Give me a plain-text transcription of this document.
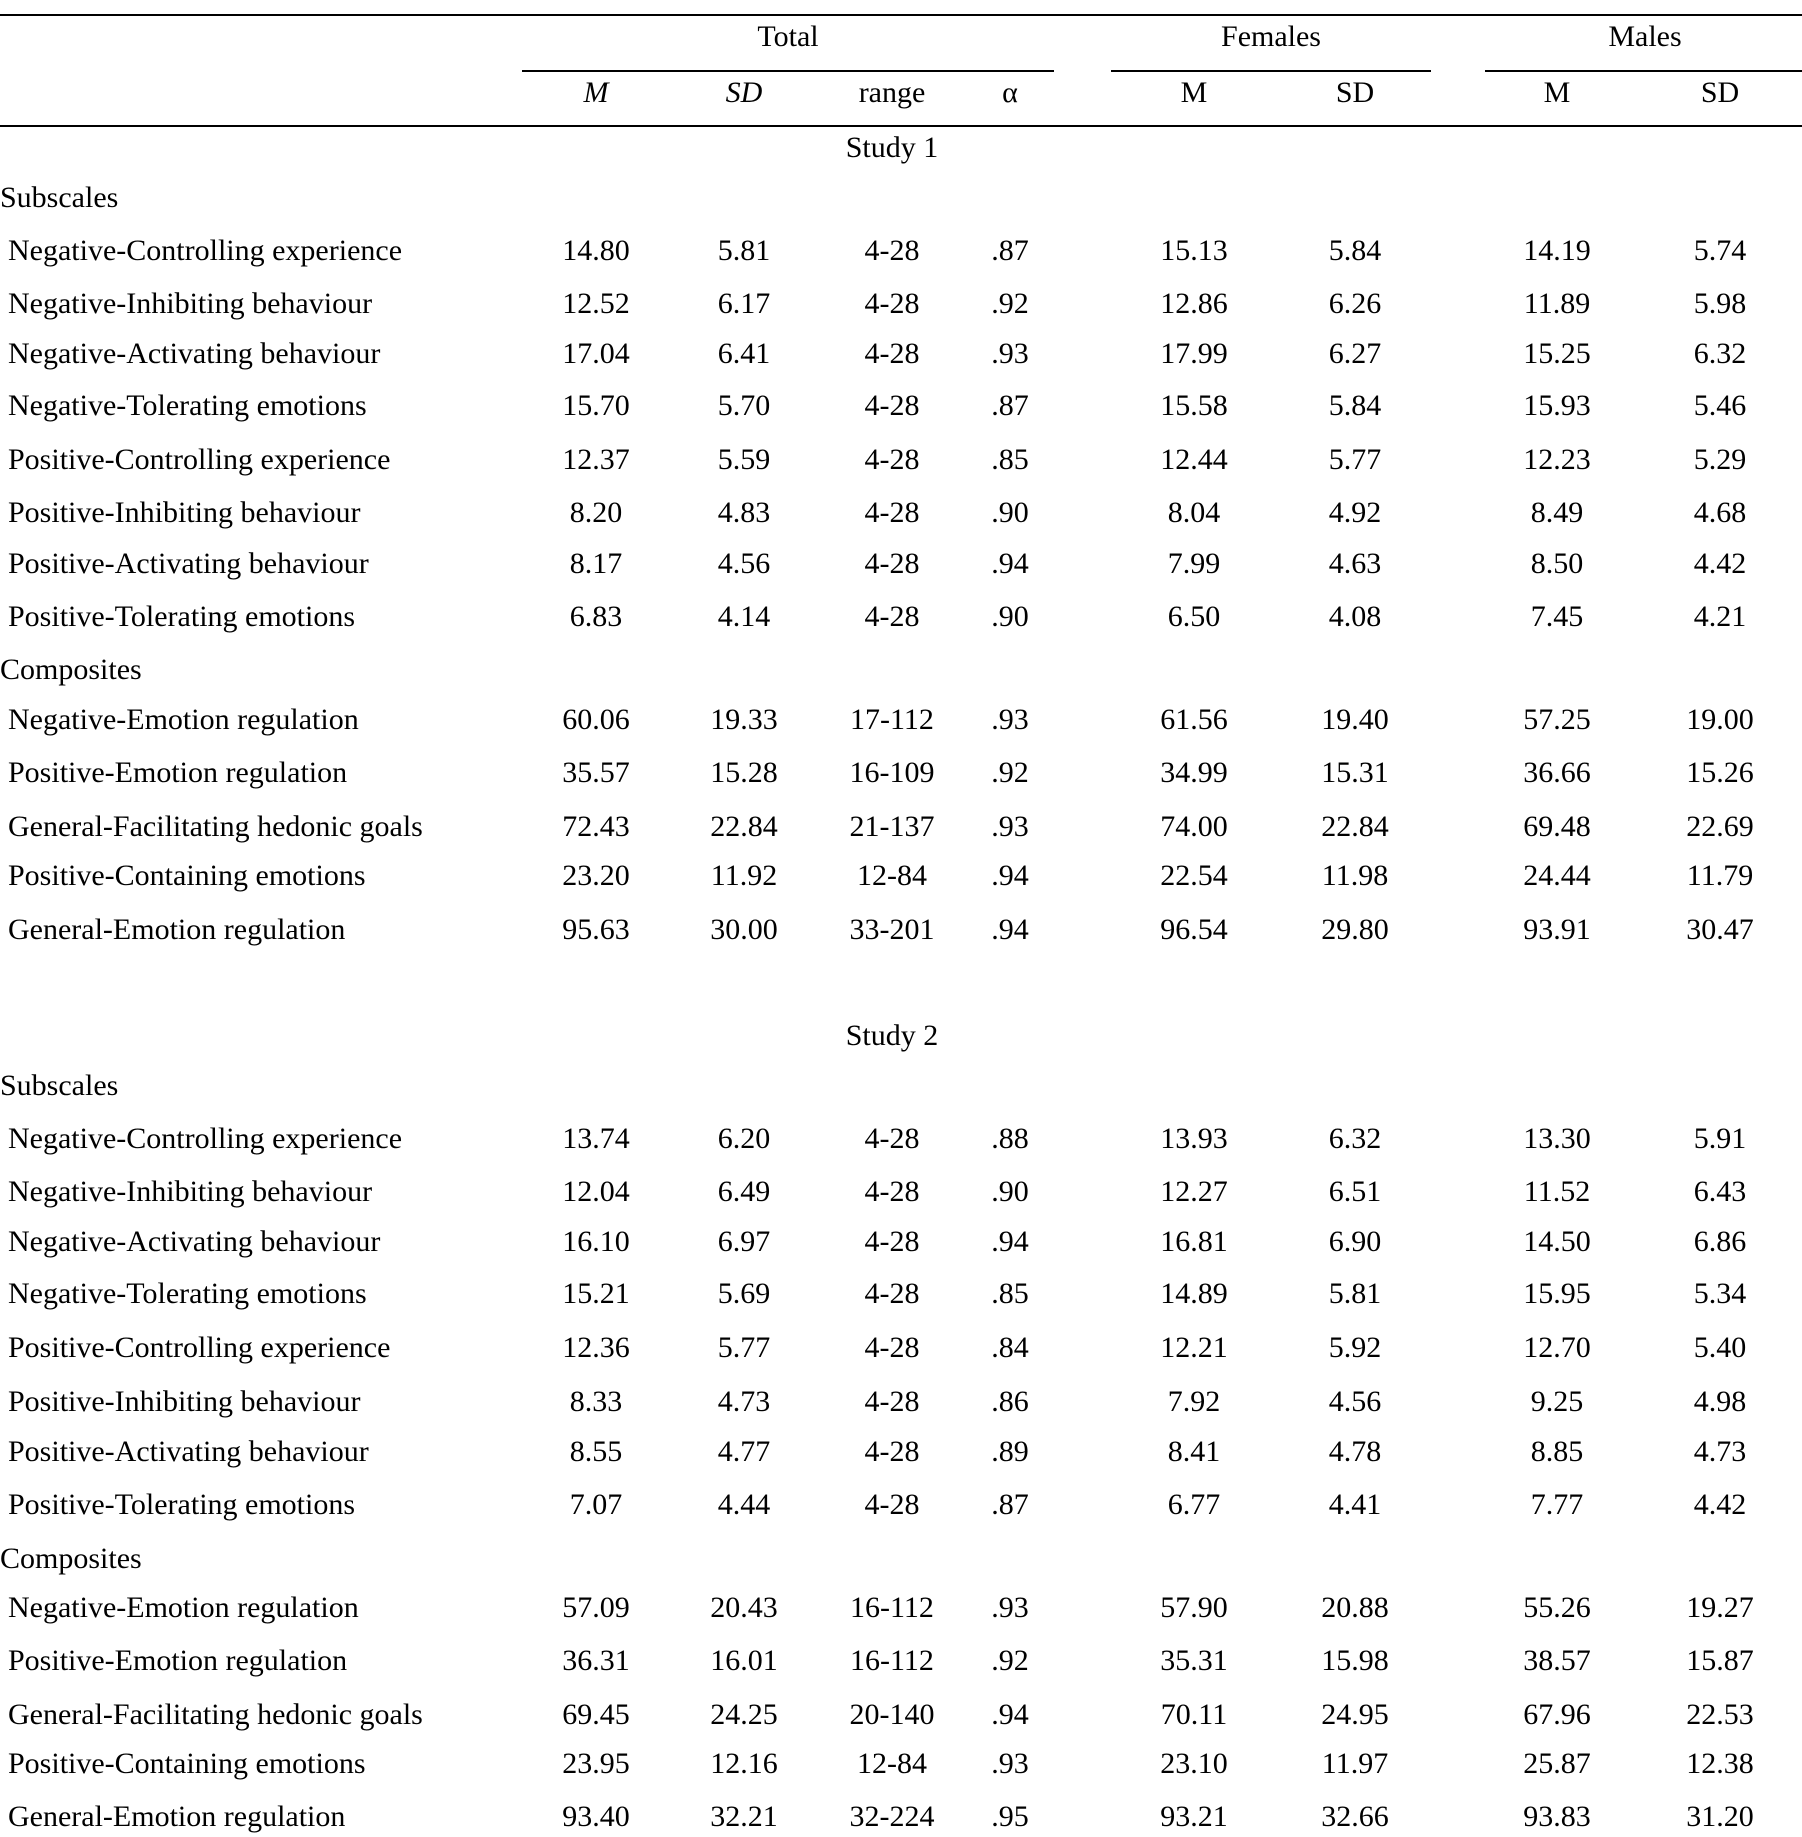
Total	Females	Males
M	SD	range	α	M	SD	M	SD
Study 1
Subscales
Negative-Controlling experience	14.80	5.81	4-28 .87	15.13	5.84	14.19	5.74
Negative-Inhibiting behaviour	12.52	6.17	4-28 .92	12.86	6.26	11.89	5.98
Negative-Activating behaviour	17.04	6.41	4-28 .93	17.99	6.27	15.25	6.32
Negative-Tolerating emotions	15.70	5.70	4-28 .87	15.58	5.84	15.93	5.46
Positive-Controlling experience	12.37	5.59	4-28 .85	12.44	5.77	12.23	5.29
Positive-Inhibiting behaviour	8.20	4.83	4-28 .90	8.04	4.92	8.49	4.68
Positive-Activating behaviour	8.17	4.56	4-28 .94	7.99	4.63	8.50	4.42
Positive-Tolerating emotions	6.83	4.14	4-28 .90	6.50	4.08	7.45	4.21
Composites
Negative-Emotion regulation	60.06	19.33 17-112 .93	61.56	19.40	57.25	19.00
Positive-Emotion regulation	35.57	15.28 16-109 .92	34.99	15.31	36.66	15.26
General-Facilitating hedonic goals	72.43	22.84 21-137 .93	74.00	22.84	69.48	22.69
Positive-Containing emotions	23.20	11.92	12-84 .94	22.54	11.98	24.44	11.79
General-Emotion regulation	95.63	30.00 33-201 .94	96.54	29.80	93.91	30.47
Study 2
Subscales
Negative-Controlling experience	13.74	6.20	4-28 .88	13.93	6.32	13.30	5.91
Negative-Inhibiting behaviour	12.04	6.49	4-28 .90	12.27	6.51	11.52	6.43
Negative-Activating behaviour	16.10	6.97	4-28 .94	16.81	6.90	14.50	6.86
Negative-Tolerating emotions	15.21	5.69	4-28 .85	14.89	5.81	15.95	5.34
Positive-Controlling experience	12.36	5.77	4-28 .84	12.21	5.92	12.70	5.40
Positive-Inhibiting behaviour	8.33	4.73	4-28 .86	7.92	4.56	9.25	4.98
Positive-Activating behaviour	8.55	4.77	4-28 .89	8.41	4.78	8.85	4.73
Positive-Tolerating emotions	7.07	4.44	4-28 .87	6.77	4.41	7.77	4.42
Composites
Negative-Emotion regulation	57.09	20.43 16-112 .93	57.90	20.88	55.26	19.27
Positive-Emotion regulation	36.31	16.01 16-112 .92	35.31	15.98	38.57	15.87
General-Facilitating hedonic goals	69.45	24.25 20-140 .94	70.11	24.95	67.96	22.53
Positive-Containing emotions	23.95	12.16	12-84 .93	23.10	11.97	25.87	12.38
General-Emotion regulation	93.40	32.21 32-224 .95	93.21	32.66	93.83	31.20
